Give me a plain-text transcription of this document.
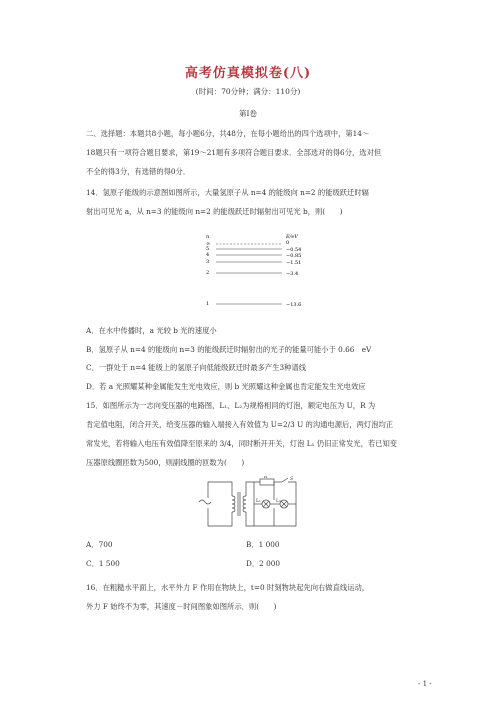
高考仿真模拟卷(八)
(时间：70分钟；满分：110分)
第Ⅰ卷
二、选择题：本题共8小题，每小题6分，共48分，在每小题给出的四个选项中，第14～
18题只有一项符合题目要求，第19～21题有多项符合题目要求．全部选对的得6分，选对但
不全的得3分，有选错的得0分．
14．氢原子能级的示意图如图所示，大量氢原子从 n=4 的能级向 n=2 的能级跃迁时辐
射出可见光 a，从 n=3 的能级向 n=2 的能级跃迁时辐射出可见光 b，则(　　)
n	E/eV
∞	0
5	−0.54
4	−0.85
3	−1.51
2	−3.4
1	−13.6
A．在水中传播时，a 光较 b 光的速度小
B．氢原子从 n=4 的能级向 n=3 的能级跃迁时辐射出的光子的能量可能小于 0.66　eV
C．一群处于 n=4 能级上的氢原子向低能级跃迁时最多产生3种谱线
D．若 a 光照耀某种金属能发生光电效应，则 b 光照耀这种金属也肯定能发生光电效应
15．如图所示为一志向变压器的电路图，L₁、L₂为规格相同的灯泡，额定电压为 U，R 为
肯定值电阻，闭合开关，给变压器的输入端接入有效值为 U=2/3 U 的沟通电源后，两灯泡均正
常发光，若将输入电压有效值降至原来的 3/4，同时断开开关，灯泡 L₁ 仍旧正常发光，若已知变
压器原线圈匝数为500，则副线圈的匝数为(　　)
R	S
L₁	L₂
A．700	B．1 000
C．1 500	D．2 000
16．在粗糙水平面上，水平外力 F 作用在物块上，t=0 时刻物块起先向右做直线运动，
外力 F 始终不为零，其速度－时间图象如图所示．则(　　)
- 1 -
